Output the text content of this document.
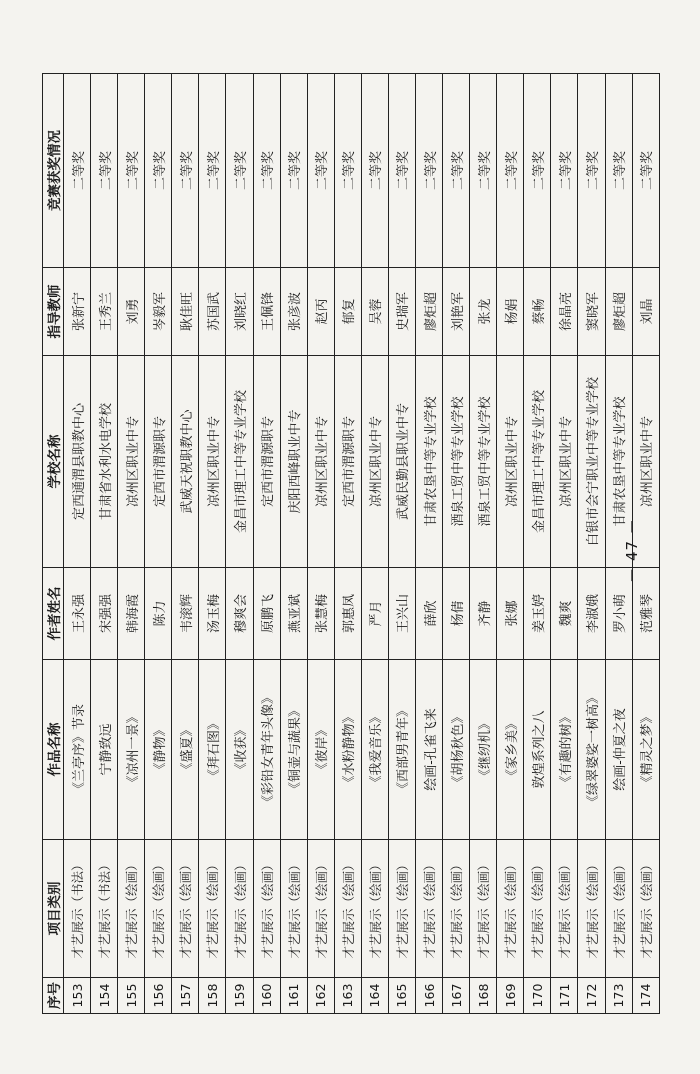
序号	项目类别	作品名称	作者姓名	学校名称	指导教师	竞赛获奖情况
153	才艺展示（书法）	《兰亭序》节录	王永强	定西通渭县职教中心	张新宁	二等奖
154	才艺展示（书法）	宁静致远	宋强强	甘肃省水利水电学校	王秀兰	二等奖
155	才艺展示（绘画）	《凉州一景》	韩海霞	凉州区职业中专	刘勇	二等奖
156	才艺展示（绘画）	《静物》	陈力	定西市渭源职专	岑毅军	二等奖
157	才艺展示（绘画）	《盛夏》	韦滚辉	武威天祝职教中心	耿佳旺	二等奖
158	才艺展示（绘画）	《拜石图》	汤玉梅	凉州区职业中专	苏国武	二等奖
159	才艺展示（绘画）	《收获》	穆爽会	金昌市理工中等专业学校	刘晓红	二等奖
160	才艺展示（绘画）	《彩铅女青年头像》	原鹏飞	定西市渭源职专	王佩锋	二等奖
161	才艺展示（绘画）	《铜壶与蔬果》	燕亚斌	庆阳西峰职业中专	张彦波	二等奖
162	才艺展示（绘画）	《彼岸》	张慧梅	凉州区职业中专	赵丙	二等奖
163	才艺展示（绘画）	《水粉静物》	郭惠凤	定西市渭源职专	郁复	二等奖
164	才艺展示（绘画）	《我爱音乐》	严月	凉州区职业中专	吴蓉	二等奖
165	才艺展示（绘画）	《西部男青年》	王兴山	武威民勤县职业中专	史瑞军	二等奖
166	才艺展示（绘画）	绘画-孔雀飞来	薛欣	甘肃农垦中等专业学校	廖炬超	二等奖
167	才艺展示（绘画）	《胡杨秋色》	杨倩	酒泉工贸中等专业学校	刘艳军	二等奖
168	才艺展示（绘画）	《继纫机》	齐静	酒泉工贸中等专业学校	张龙	二等奖
169	才艺展示（绘画）	《家乡美》	张娜	凉州区职业中专	杨娟	二等奖
170	才艺展示（绘画）	敦煌系列之八	姜玉婷	金昌市理工中等专业学校	蔡畅	二等奖
171	才艺展示（绘画）	《有趣的树》	魏爽	凉州区职业中专	徐晶亮	二等奖
172	才艺展示（绘画）	《绿翠婆娑一树高》	李淑娥	白银市会宁职业中等专业学校	窦晓军	二等奖
173	才艺展示（绘画）	绘画-仲夏之夜	罗小萌	甘肃农垦中等专业学校	廖炬超	二等奖
174	才艺展示（绘画）	《精灵之梦》	范雅琴	凉州区职业中专	刘晶	二等奖
－ 47 －
